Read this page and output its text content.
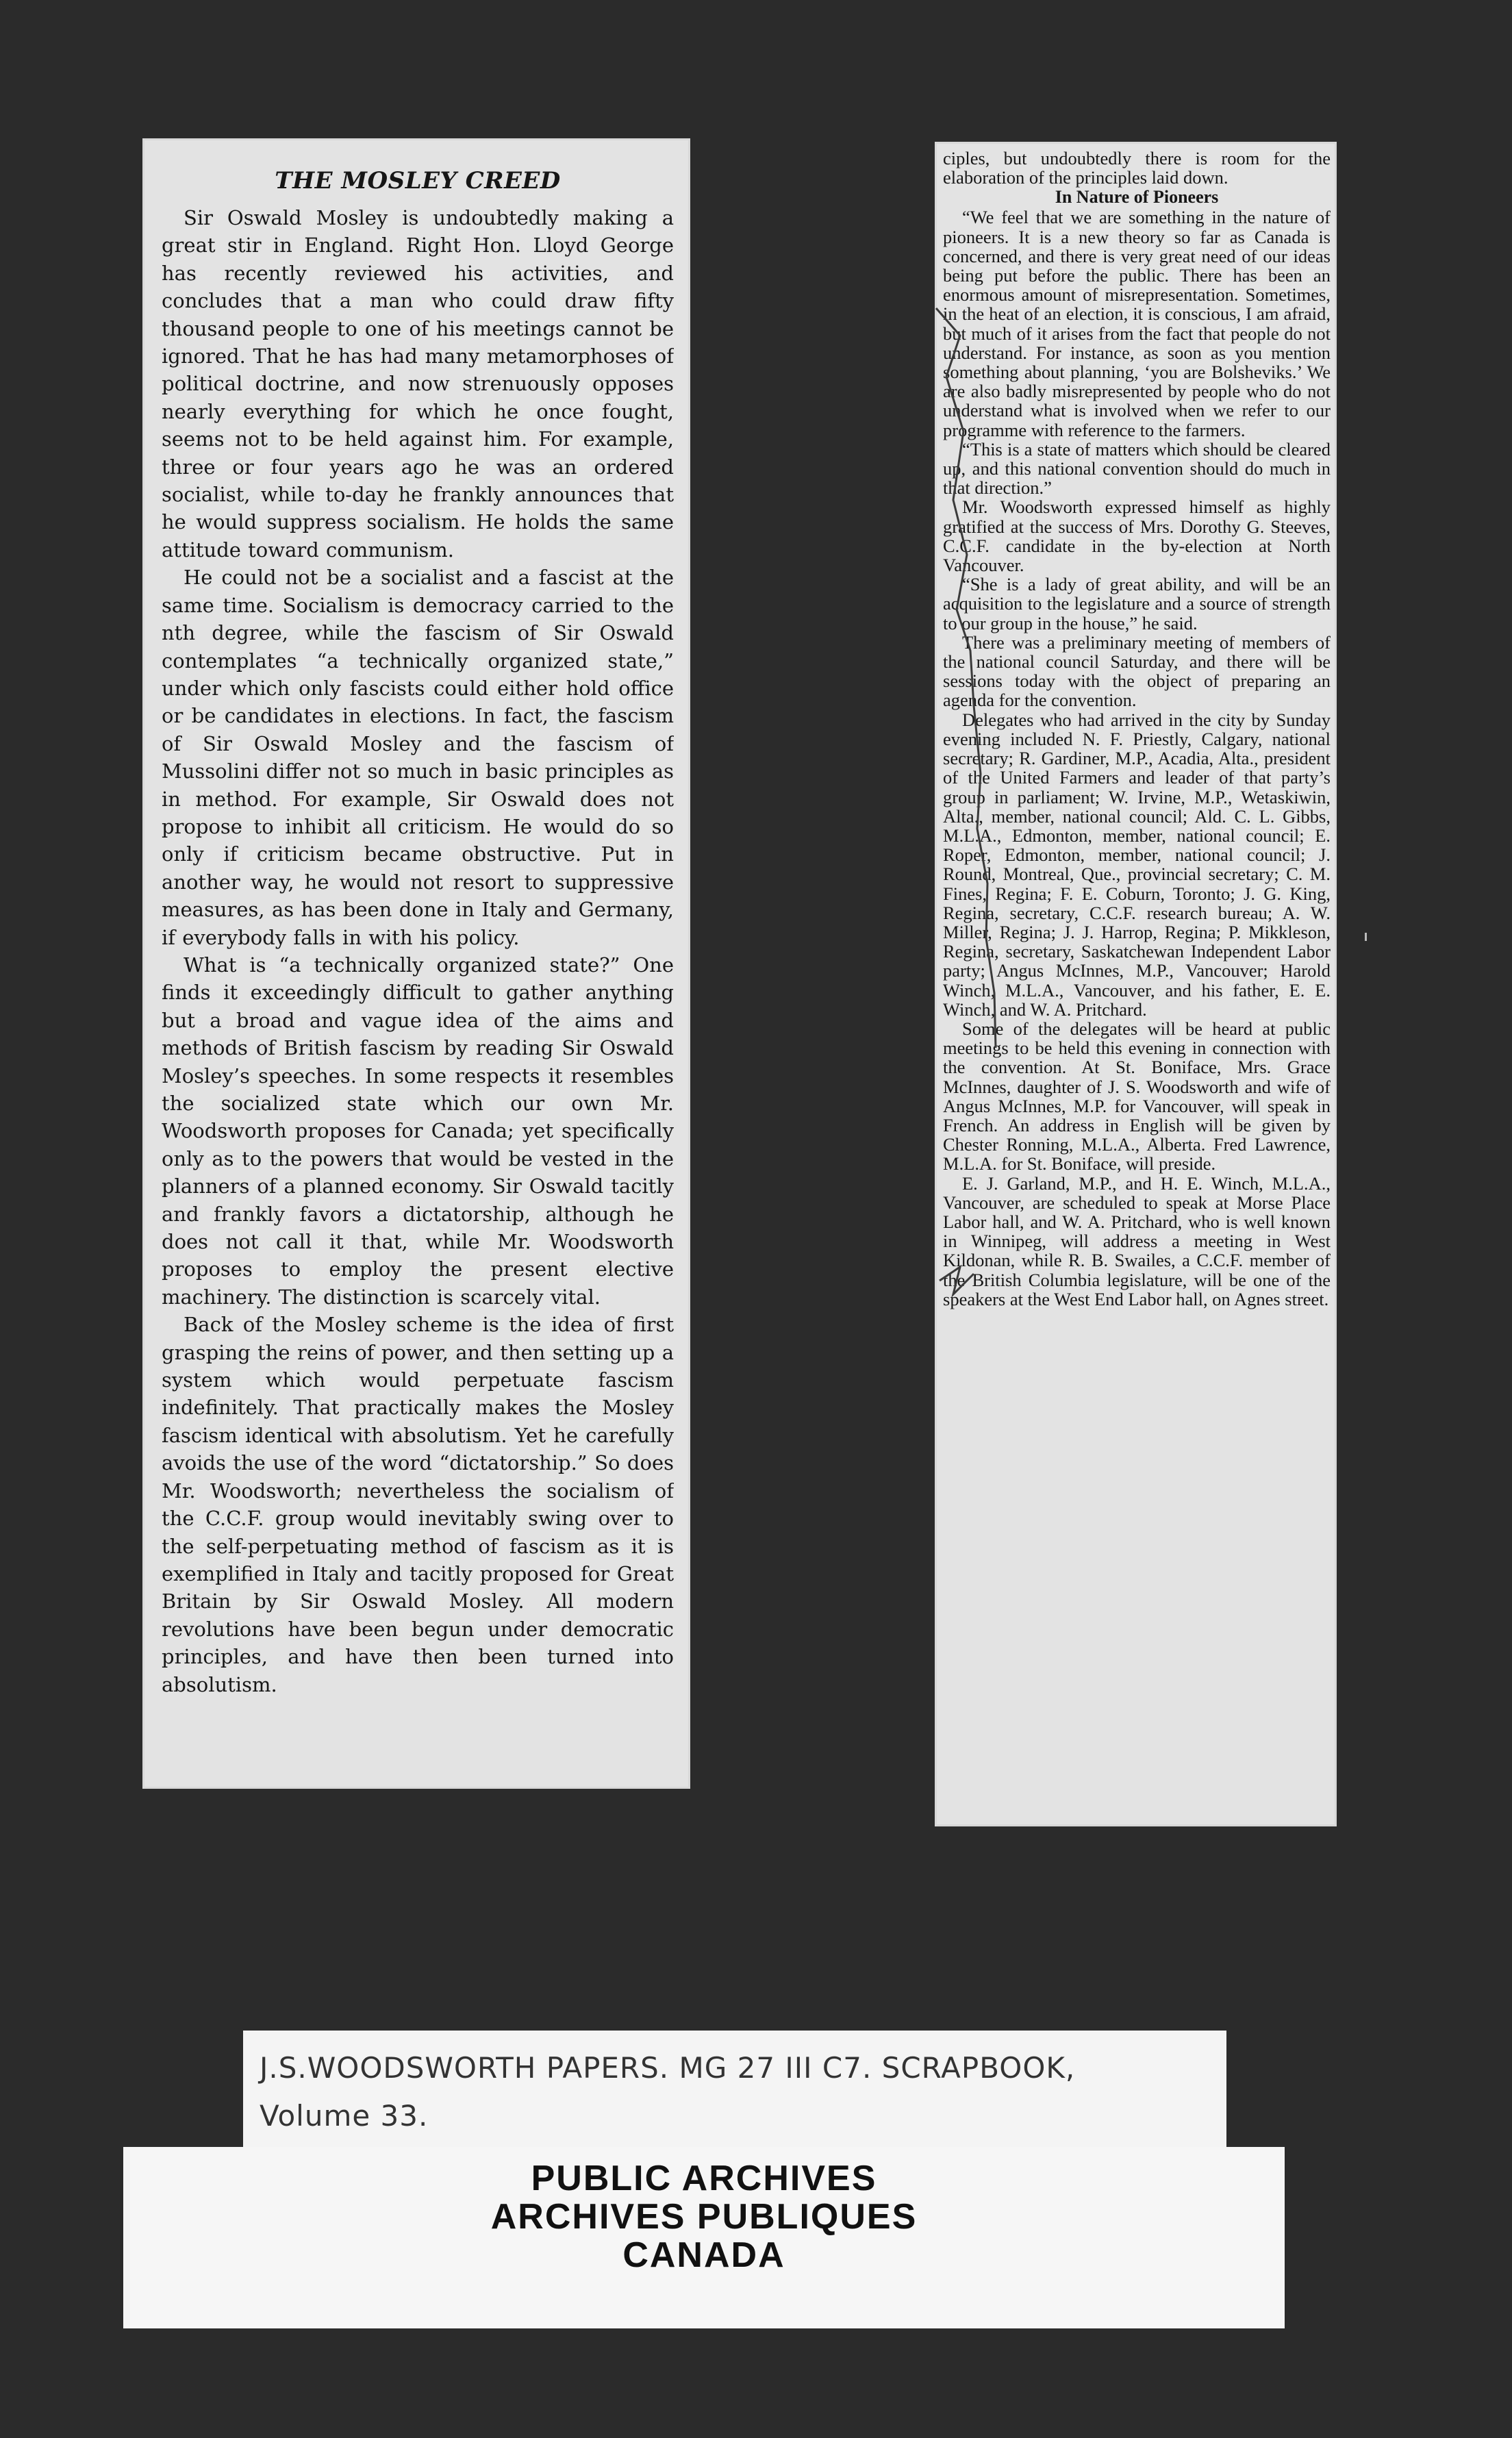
THE MOSLEY CREED

Sir Oswald Mosley is undoubtedly making a great stir in England. Right Hon. Lloyd George has recently reviewed his activities, and concludes that a man who could draw fifty thousand people to one of his meetings cannot be ignored. That he has had many metamorphoses of political doctrine, and now strenuously opposes nearly everything for which he once fought, seems not to be held against him. For example, three or four years ago he was an ordered socialist, while to-day he frankly announces that he would suppress socialism. He holds the same attitude toward communism.

He could not be a socialist and a fascist at the same time. Socialism is democracy carried to the nth degree, while the fascism of Sir Oswald contemplates “a technically organized state,” under which only fascists could either hold office or be candidates in elections. In fact, the fascism of Sir Oswald Mosley and the fascism of Mussolini differ not so much in basic principles as in method. For example, Sir Oswald does not propose to inhibit all criticism. He would do so only if criticism became obstructive. Put in another way, he would not resort to suppressive measures, as has been done in Italy and Germany, if everybody falls in with his policy.

What is “a technically organized state?” One finds it exceedingly difficult to gather anything but a broad and vague idea of the aims and methods of British fascism by reading Sir Oswald Mosley’s speeches. In some respects it resembles the socialized state which our own Mr. Woodsworth proposes for Canada; yet specifically only as to the powers that would be vested in the planners of a planned economy. Sir Oswald tacitly and frankly favors a dictatorship, although he does not call it that, while Mr. Woodsworth proposes to employ the present elective machinery. The distinction is scarcely vital.

Back of the Mosley scheme is the idea of first grasping the reins of power, and then setting up a system which would perpetuate fascism indefinitely. That practically makes the Mosley fascism identical with absolutism. Yet he carefully avoids the use of the word “dictatorship.” So does Mr. Woodsworth; nevertheless the socialism of the C.C.F. group would inevitably swing over to the self-perpetuating method of fascism as it is exemplified in Italy and tacitly proposed for Great Britain by Sir Oswald Mosley. All modern revolutions have been begun under democratic principles, and have then been turned into absolutism.

ciples, but undoubtedly there is room for the elaboration of the principles laid down.

In Nature of Pioneers

“We feel that we are something in the nature of pioneers. It is a new theory so far as Canada is concerned, and there is very great need of our ideas being put before the public. There has been an enormous amount of misrepresentation. Sometimes, in the heat of an election, it is conscious, I am afraid, but much of it arises from the fact that people do not understand. For instance, as soon as you mention something about planning, ‘you are Bolsheviks.’ We are also badly misrepresented by people who do not understand what is involved when we refer to our programme with reference to the farmers.

“This is a state of matters which should be cleared up, and this national convention should do much in that direction.”

Mr. Woodsworth expressed himself as highly gratified at the success of Mrs. Dorothy G. Steeves, C.C.F. candidate in the by-election at North Vancouver.

“She is a lady of great ability, and will be an acquisition to the legislature and a source of strength to our group in the house,” he said.

There was a preliminary meeting of members of the national council Saturday, and there will be sessions today with the object of preparing an agenda for the convention.

Delegates who had arrived in the city by Sunday evening included N. F. Priestly, Calgary, national secretary; R. Gardiner, M.P., Acadia, Alta., president of the United Farmers and leader of that party’s group in parliament; W. Irvine, M.P., Wetaskiwin, Alta., member, national council; Ald. C. L. Gibbs, M.L.A., Edmonton, member, national council; E. Roper, Edmonton, member, national council; J. Round, Montreal, Que., provincial secretary; C. M. Fines, Regina; F. E. Coburn, Toronto; J. G. King, Regina, secretary, C.C.F. research bureau; A. W. Miller, Regina; J. J. Harrop, Regina; P. Mikkleson, Regina, secretary, Saskatchewan Independent Labor party; Angus McInnes, M.P., Vancouver; Harold Winch, M.L.A., Vancouver, and his father, E. E. Winch, and W. A. Pritchard.

Some of the delegates will be heard at public meetings to be held this evening in connection with the convention. At St. Boniface, Mrs. Grace McInnes, daughter of J. S. Woodsworth and wife of Angus McInnes, M.P. for Vancouver, will speak in French. An address in English will be given by Chester Ronning, M.L.A., Alberta. Fred Lawrence, M.L.A. for St. Boniface, will preside.

E. J. Garland, M.P., and H. E. Winch, M.L.A., Vancouver, are scheduled to speak at Morse Place Labor hall, and W. A. Pritchard, who is well known in Winnipeg, will address a meeting in West Kildonan, while R. B. Swailes, a C.C.F. member of the British Columbia legislature, will be one of the speakers at the West End Labor hall, on Agnes street.

J.S.WOODSWORTH PAPERS. MG 27 III C7. SCRAPBOOK,
Volume 33.
PUBLIC ARCHIVES
ARCHIVES PUBLIQUES
CANADA
